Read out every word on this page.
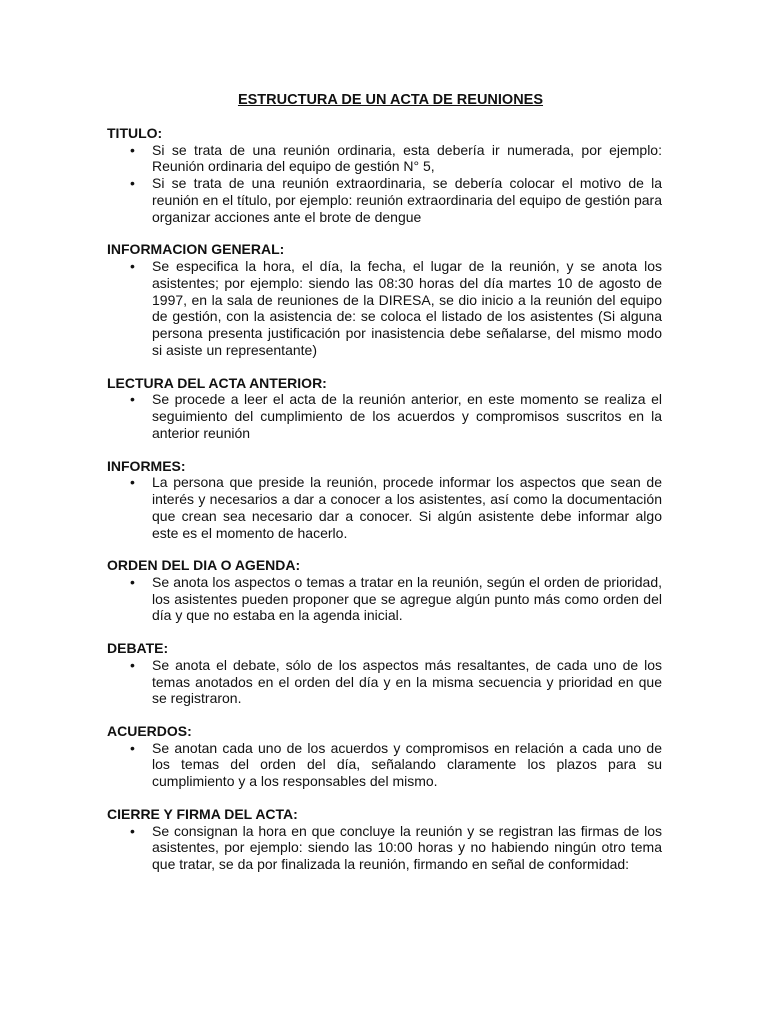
ESTRUCTURA DE UN ACTA DE REUNIONES
TITULO:
• Si se trata de una reunión ordinaria, esta debería ir numerada, por ejemplo: Reunión ordinaria del equipo de gestión N° 5,
• Si se trata de una reunión extraordinaria, se debería colocar el motivo de la reunión en el título, por ejemplo: reunión extraordinaria del equipo de gestión para organizar acciones ante el brote de dengue
INFORMACION GENERAL:
• Se especifica la hora, el día, la fecha, el lugar de la reunión, y se anota los asistentes; por ejemplo: siendo las 08:30 horas del día martes 10 de agosto de 1997, en la sala de reuniones de la DIRESA, se dio inicio a la reunión del equipo de gestión, con la asistencia de: se coloca el listado de los asistentes (Si alguna persona presenta justificación por inasistencia debe señalarse, del mismo modo si asiste un representante)
LECTURA DEL ACTA ANTERIOR:
• Se procede a leer el acta de la reunión anterior, en este momento se realiza el seguimiento del cumplimiento de los acuerdos y compromisos suscritos en la anterior reunión
INFORMES:
• La persona que preside la reunión, procede informar los aspectos que sean de interés y necesarios a dar a conocer a los asistentes, así como la documentación que crean sea necesario dar a conocer. Si algún asistente debe informar algo este es el momento de hacerlo.
ORDEN DEL DIA O AGENDA:
• Se anota los aspectos o temas a tratar en la reunión, según el orden de prioridad, los asistentes pueden proponer que se agregue algún punto más como orden del día y que no estaba en la agenda inicial.
DEBATE:
• Se anota el debate, sólo de los aspectos más resaltantes, de cada uno de los temas anotados en el orden del día y en la misma secuencia y prioridad en que se registraron.
ACUERDOS:
• Se anotan cada uno de los acuerdos y compromisos en relación a cada uno de los temas del orden del día, señalando claramente los plazos para su cumplimiento y a los responsables del mismo.
CIERRE Y FIRMA DEL ACTA:
• Se consignan la hora en que concluye la reunión y se registran las firmas de los asistentes, por ejemplo: siendo las 10:00 horas y no habiendo ningún otro tema que tratar, se da por finalizada la reunión, firmando en señal de conformidad:
